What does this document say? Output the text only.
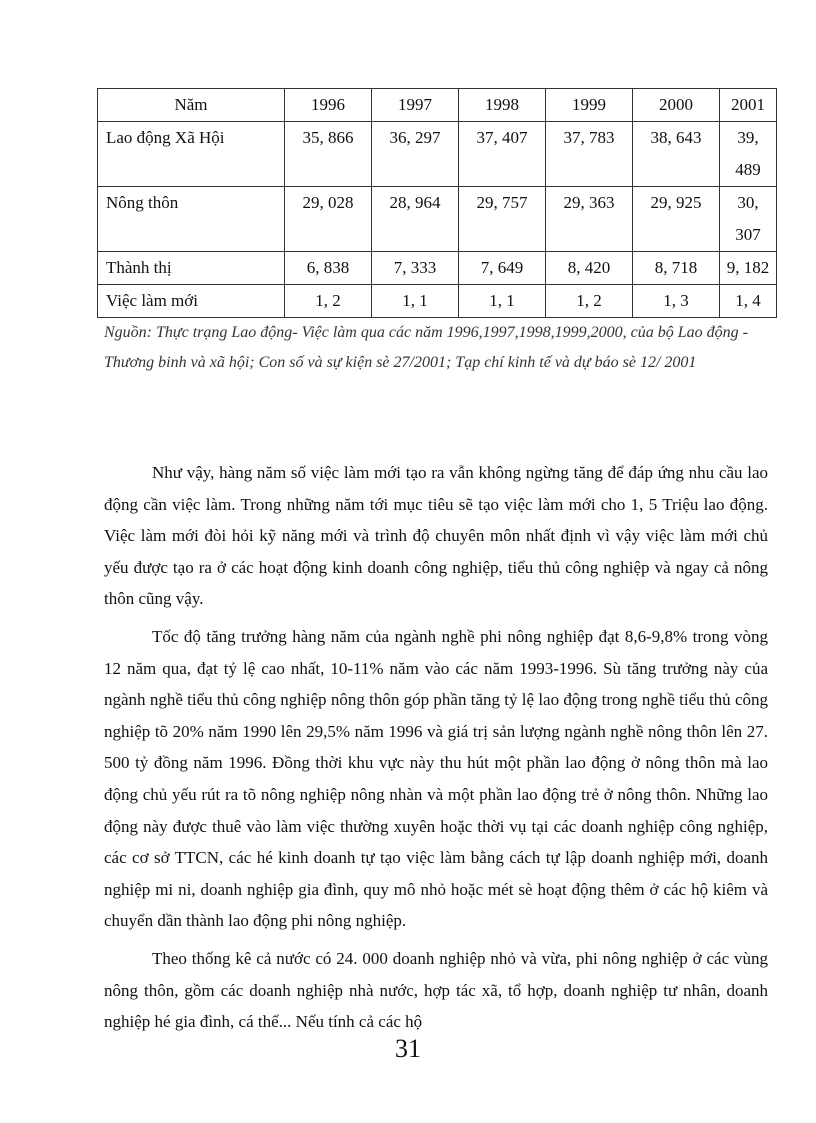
Năm	1996	1997	1998	1999	2000	2001
Lao động Xã Hội	35, 866	36, 297	37, 407	37, 783	38, 643	39, 489
Nông thôn	29, 028	28, 964	29, 757	29, 363	29, 925	30, 307
Thành thị	6, 838	7, 333	7, 649	8, 420	8, 718	9, 182
Việc làm mới	1, 2	1, 1	1, 1	1, 2	1, 3	1, 4
Nguồn: Thực trạng Lao động- Việc làm qua các năm 1996,1997,1998,1999,2000, của bộ Lao động - Thương binh và xã hội; Con số và sự kiện sè 27/2001; Tạp chí kinh tế và dự báo sè 12/ 2001

Như vậy, hàng năm số việc làm mới tạo ra vẫn không ngừng tăng để đáp ứng nhu cầu lao động cần việc làm. Trong những năm tới mục tiêu sẽ tạo việc làm mới cho 1, 5 Triệu lao động. Việc làm mới đòi hỏi kỹ năng mới và trình độ chuyên môn nhất định vì vậy việc làm mới chủ yếu được tạo ra ở các hoạt động kinh doanh công nghiệp, tiểu thủ công nghiệp và ngay cả nông thôn cũng vậy.

Tốc độ tăng trưởng hàng năm của ngành nghề phi nông nghiệp đạt 8,6-9,8% trong vòng 12 năm qua, đạt tỷ lệ cao nhất, 10-11% năm vào các năm 1993-1996. Sù tăng trưởng này của ngành nghề tiểu thủ công nghiệp nông thôn góp phần tăng tỷ lệ lao động trong nghề tiểu thủ công nghiệp tõ 20% năm 1990 lên 29,5% năm 1996 và giá trị sản lượng ngành nghề nông thôn lên 27. 500 tỷ đồng năm 1996. Đồng thời khu vực này thu hút một phần lao động ở nông thôn mà lao động chủ yếu rút ra tõ nông nghiệp nông nhàn và một phần lao động trẻ ở nông thôn. Những lao động này được thuê vào làm việc thường xuyên hoặc thời vụ tại các doanh nghiệp công nghiệp, các cơ sở TTCN, các hé kinh doanh tự tạo việc làm bằng cách tự lập doanh nghiệp mới, doanh nghiệp mi ni, doanh nghiệp gia đình, quy mô nhỏ hoặc mét sè hoạt động thêm ở các hộ kiêm và chuyển dần thành lao động phi nông nghiệp.

Theo thống kê cả nước có 24. 000 doanh nghiệp nhỏ và vừa, phi nông nghiệp ở các vùng nông thôn, gồm các doanh nghiệp nhà nước, hợp tác xã, tổ hợp, doanh nghiệp tư nhân, doanh nghiệp hé gia đình, cá thể... Nếu tính cả các hộ

31
